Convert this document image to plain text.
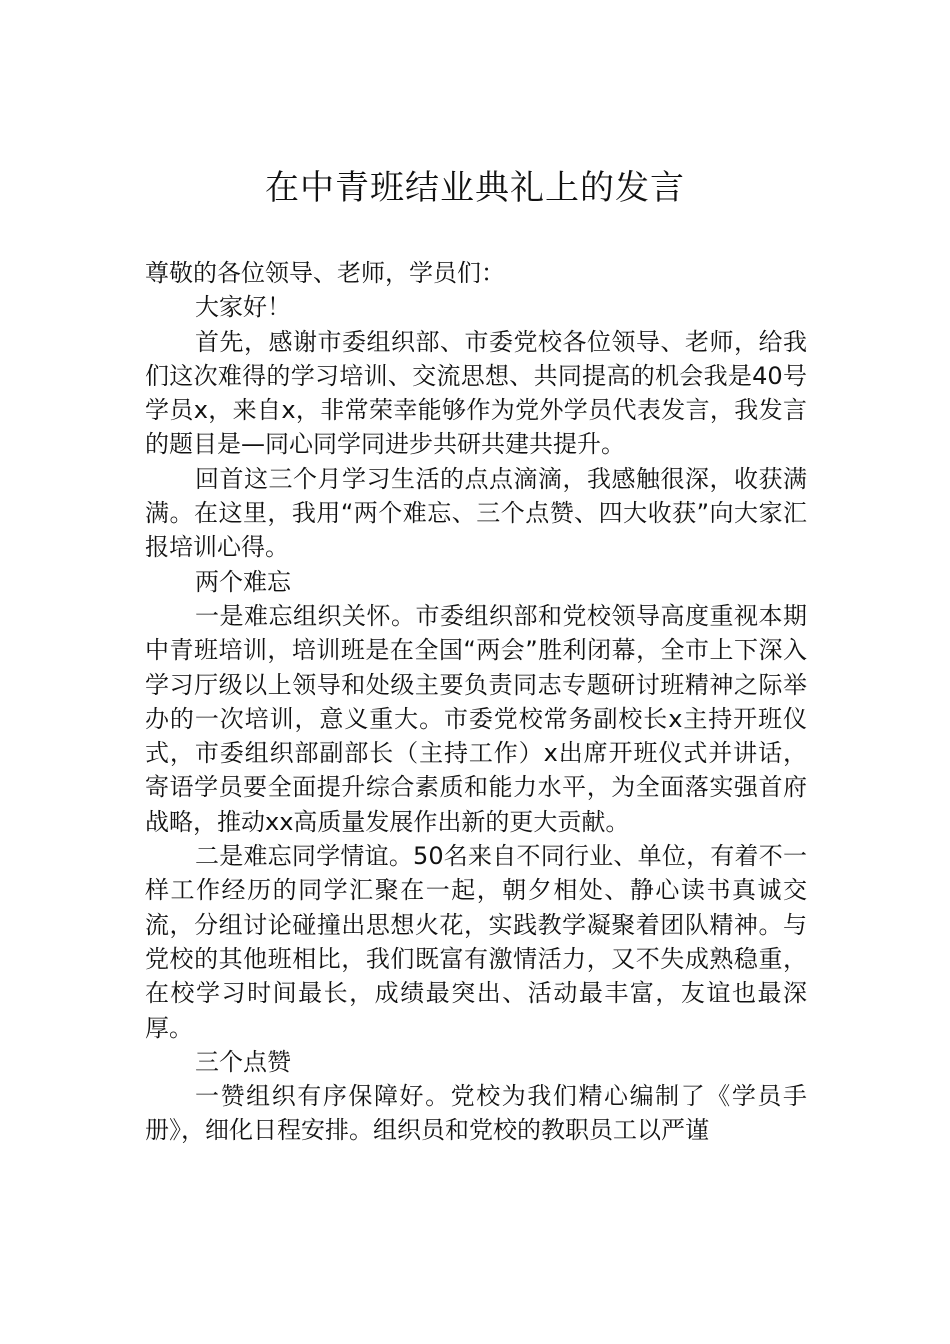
在中青班结业典礼上的发言

尊敬的各位领导、老师，学员们：

大家好！

首先，感谢市委组织部、市委党校各位领导、老师，给我们这次难得的学习培训、交流思想、共同提高的机会我是40号学员x，来自x，非常荣幸能够作为党外学员代表发言，我发言的题目是—同心同学同进步共研共建共提升。

回首这三个月学习生活的点点滴滴，我感触很深，收获满满。在这里，我用“两个难忘、三个点赞、四大收获”向大家汇报培训心得。

两个难忘

一是难忘组织关怀。市委组织部和党校领导高度重视本期中青班培训，培训班是在全国“两会”胜利闭幕，全市上下深入学习厅级以上领导和处级主要负责同志专题研讨班精神之际举办的一次培训，意义重大。市委党校常务副校长x主持开班仪式，市委组织部副部长（主持工作）x出席开班仪式并讲话，寄语学员要全面提升综合素质和能力水平，为全面落实强首府战略，推动xx高质量发展作出新的更大贡献。

二是难忘同学情谊。50名来自不同行业、单位，有着不一样工作经历的同学汇聚在一起，朝夕相处、静心读书真诚交流，分组讨论碰撞出思想火花，实践教学凝聚着团队精神。与党校的其他班相比，我们既富有激情活力，又不失成熟稳重，在校学习时间最长，成绩最突出、活动最丰富，友谊也最深厚。

三个点赞

一赞组织有序保障好。党校为我们精心编制了《学员手册》，细化日程安排。组织员和党校的教职员工以严谨
